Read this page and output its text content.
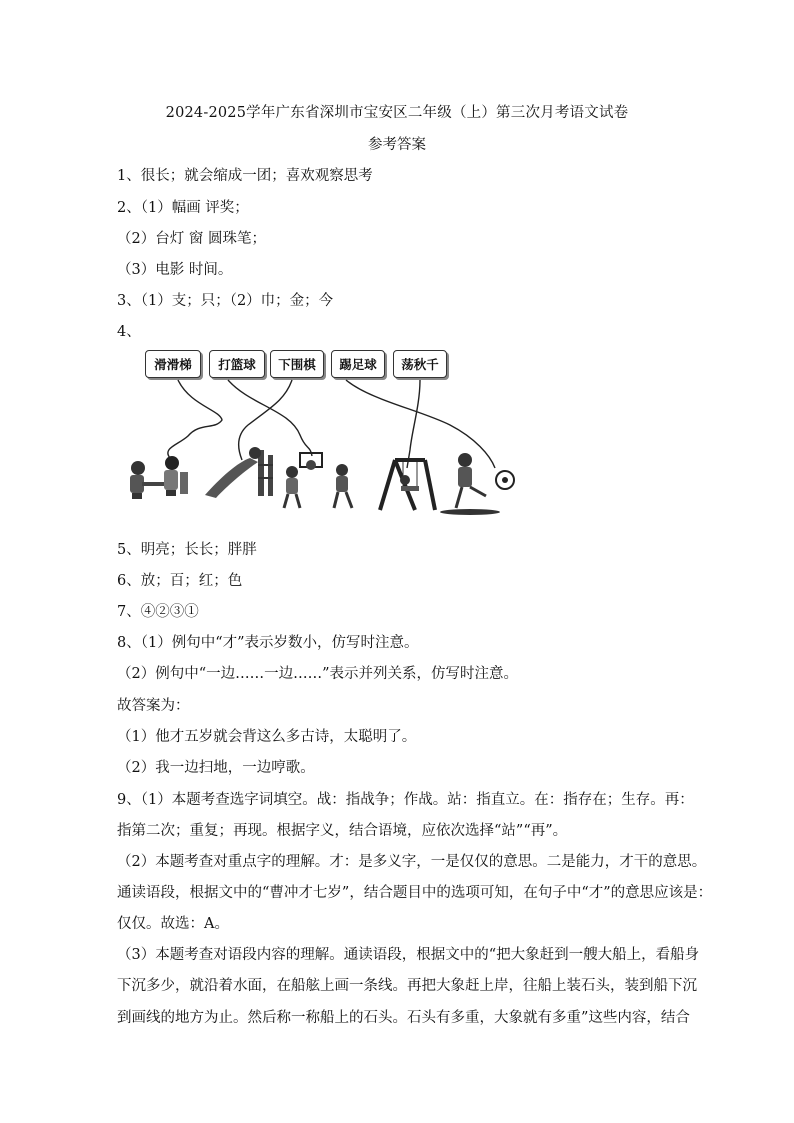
2024-2025学年广东省深圳市宝安区二年级（上）第三次月考语文试卷
参考答案
1、很长；就会缩成一团；喜欢观察思考
2、（1）幅画 评奖；
（2）台灯 窗 圆珠笔；
（3）电影 时间。
3、（1）支；只；（2）巾；金；今
4、
滑滑梯	打篮球	下围棋	踢足球	荡秋千
5、明亮；长长；胖胖
6、放；百；红；色
7、④②③①
8、（1）例句中“才”表示岁数小，仿写时注意。
（2）例句中“一边……一边……”表示并列关系，仿写时注意。
故答案为：
（1）他才五岁就会背这么多古诗，太聪明了。
（2）我一边扫地，一边哼歌。
9、（1）本题考查选字词填空。战：指战争；作战。站：指直立。在：指存在；生存。再：
指第二次；重复；再现。根据字义，结合语境，应依次选择“站”“再”。
（2）本题考查对重点字的理解。才：是多义字，一是仅仅的意思。二是能力，才干的意思。
通读语段，根据文中的“曹冲才七岁”，结合题目中的选项可知，在句子中“才”的意思应该是：
仅仅。故选：A。
（3）本题考查对语段内容的理解。通读语段，根据文中的“把大象赶到一艘大船上，看船身
下沉多少，就沿着水面，在船舷上画一条线。再把大象赶上岸，往船上装石头，装到船下沉
到画线的地方为止。然后称一称船上的石头。石头有多重，大象就有多重”这些内容，结合
